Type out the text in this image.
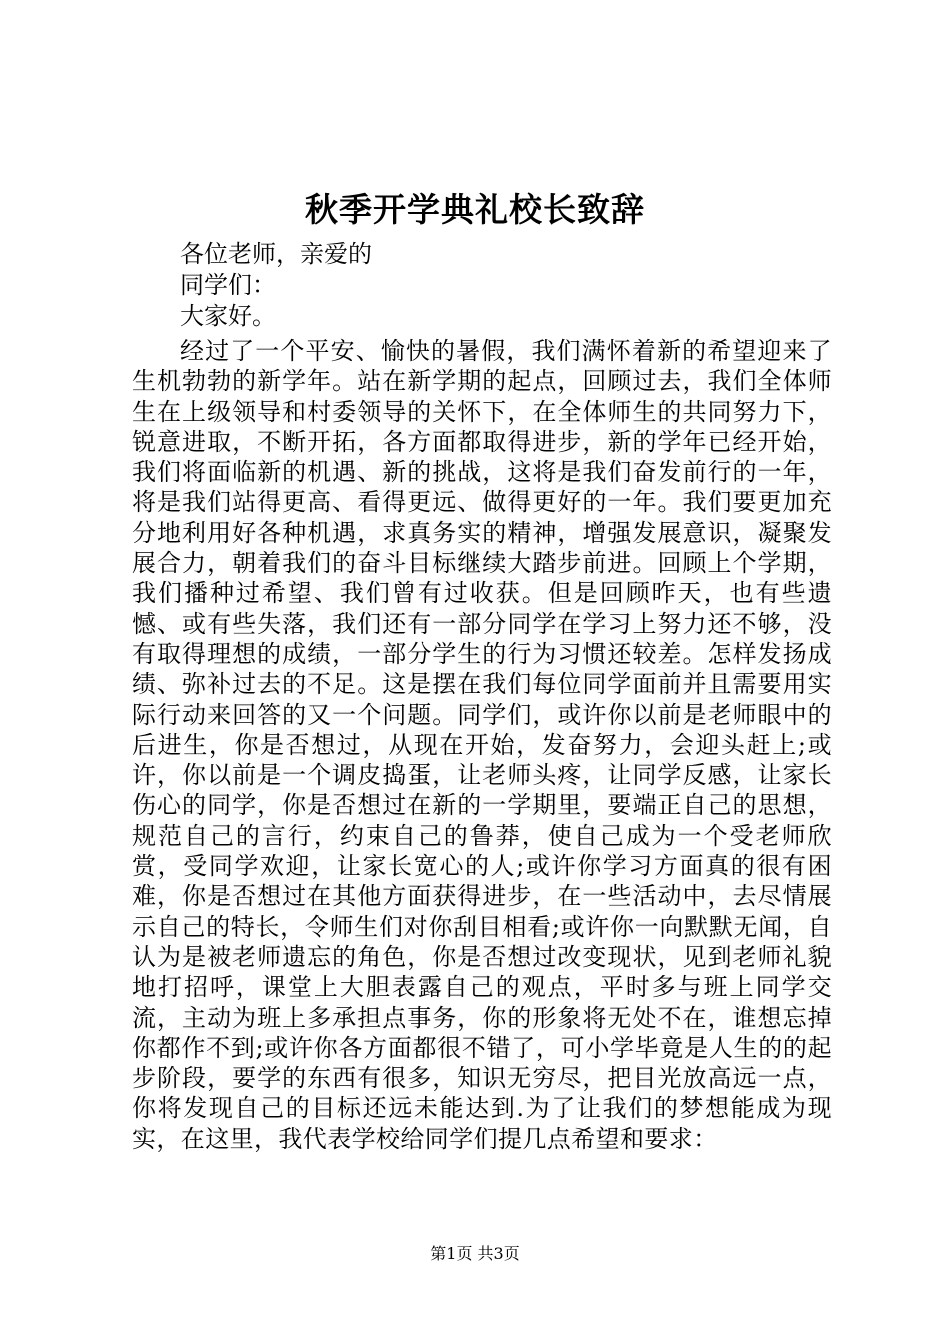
秋季开学典礼校长致辞
各位老师，亲爱的
同学们：
大家好。
经过了一个平安、愉快的暑假，我们满怀着新的希望迎来了生机勃勃的新学年。站在新学期的起点，回顾过去，我们全体师生在上级领导和村委领导的关怀下，在全体师生的共同努力下，锐意进取，不断开拓，各方面都取得进步，新的学年已经开始，我们将面临新的机遇、新的挑战，这将是我们奋发前行的一年，将是我们站得更高、看得更远、做得更好的一年。我们要更加充分地利用好各种机遇，求真务实的精神，增强发展意识，凝聚发展合力，朝着我们的奋斗目标继续大踏步前进。回顾上个学期，我们播种过希望、我们曾有过收获。但是回顾昨天，也有些遗憾、或有些失落，我们还有一部分同学在学习上努力还不够，没有取得理想的成绩，一部分学生的行为习惯还较差。怎样发扬成绩、弥补过去的不足。这是摆在我们每位同学面前并且需要用实际行动来回答的又一个问题。同学们，或许你以前是老师眼中的后进生，你是否想过，从现在开始，发奋努力，会迎头赶上;或许，你以前是一个调皮捣蛋，让老师头疼，让同学反感，让家长伤心的同学，你是否想过在新的一学期里，要端正自己的思想，规范自己的言行，约束自己的鲁莽，使自己成为一个受老师欣赏，受同学欢迎，让家长宽心的人;或许你学习方面真的很有困难，你是否想过在其他方面获得进步，在一些活动中，去尽情展示自己的特长，令师生们对你刮目相看;或许你一向默默无闻，自认为是被老师遗忘的角色，你是否想过改变现状，见到老师礼貌地打招呼，课堂上大胆表露自己的观点，平时多与班上同学交流，主动为班上多承担点事务，你的形象将无处不在，谁想忘掉你都作不到;或许你各方面都很不错了，可小学毕竟是人生的的起步阶段，要学的东西有很多，知识无穷尽，把目光放高远一点，你将发现自己的目标还远未能达到.为了让我们的梦想能成为现实，在这里，我代表学校给同学们提几点希望和要求：
第1页 共3页
